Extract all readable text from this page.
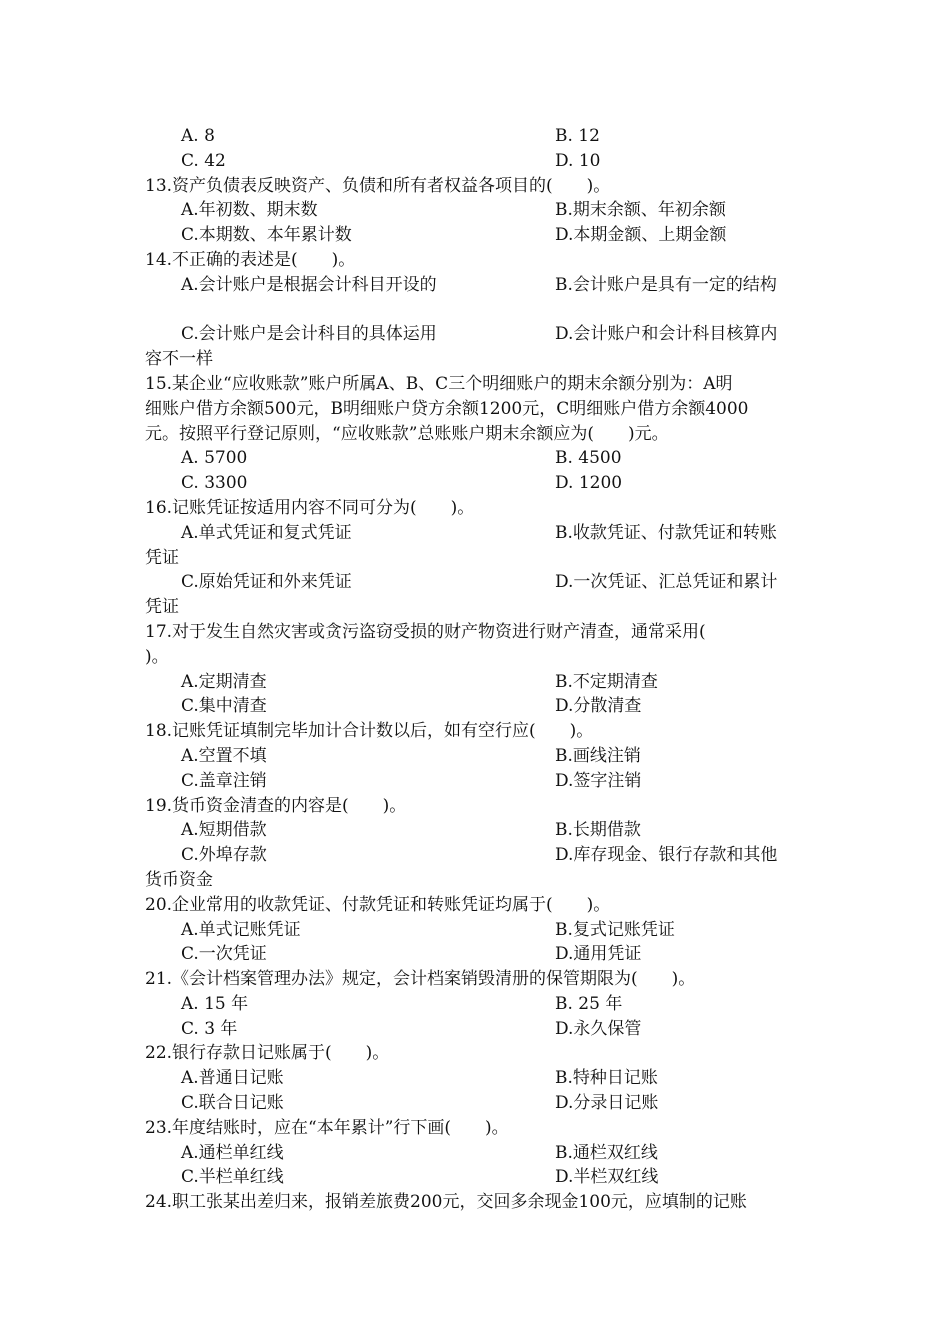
A. 8	B. 12
C. 42	D. 10
13.资产负债表反映资产、负债和所有者权益各项目的(　　)。
A.年初数、期末数	B.期末余额、年初余额
C.本期数、本年累计数	D.本期金额、上期金额
14.不正确的表述是(　　)。
A.会计账户是根据会计科目开设的	B.会计账户是具有一定的结构
C.会计账户是会计科目的具体运用	D.会计账户和会计科目核算内
容不一样
15.某企业“应收账款”账户所属A、B、C三个明细账户的期末余额分别为：A明
细账户借方余额500元，B明细账户贷方余额1200元，C明细账户借方余额4000
元。按照平行登记原则，“应收账款”总账账户期末余额应为(　　)元。
A. 5700	B. 4500
C. 3300	D. 1200
16.记账凭证按适用内容不同可分为(　　)。
A.单式凭证和复式凭证	B.收款凭证、付款凭证和转账
凭证
C.原始凭证和外来凭证	D.一次凭证、汇总凭证和累计
凭证
17.对于发生自然灾害或贪污盗窃受损的财产物资进行财产清查，通常采用(
)。
A.定期清查	B.不定期清查
C.集中清查	D.分散清查
18.记账凭证填制完毕加计合计数以后，如有空行应(　　)。
A.空置不填	B.画线注销
C.盖章注销	D.签字注销
19.货币资金清查的内容是(　　)。
A.短期借款	B.长期借款
C.外埠存款	D.库存现金、银行存款和其他
货币资金
20.企业常用的收款凭证、付款凭证和转账凭证均属于(　　)。
A.单式记账凭证	B.复式记账凭证
C.一次凭证	D.通用凭证
21.《会计档案管理办法》规定，会计档案销毁清册的保管期限为(　　)。
A. 15 年	B. 25 年
C. 3 年	D.永久保管
22.银行存款日记账属于(　　)。
A.普通日记账	B.特种日记账
C.联合日记账	D.分录日记账
23.年度结账时，应在“本年累计”行下画(　　)。
A.通栏单红线	B.通栏双红线
C.半栏单红线	D.半栏双红线
24.职工张某出差归来，报销差旅费200元，交回多余现金100元，应填制的记账
